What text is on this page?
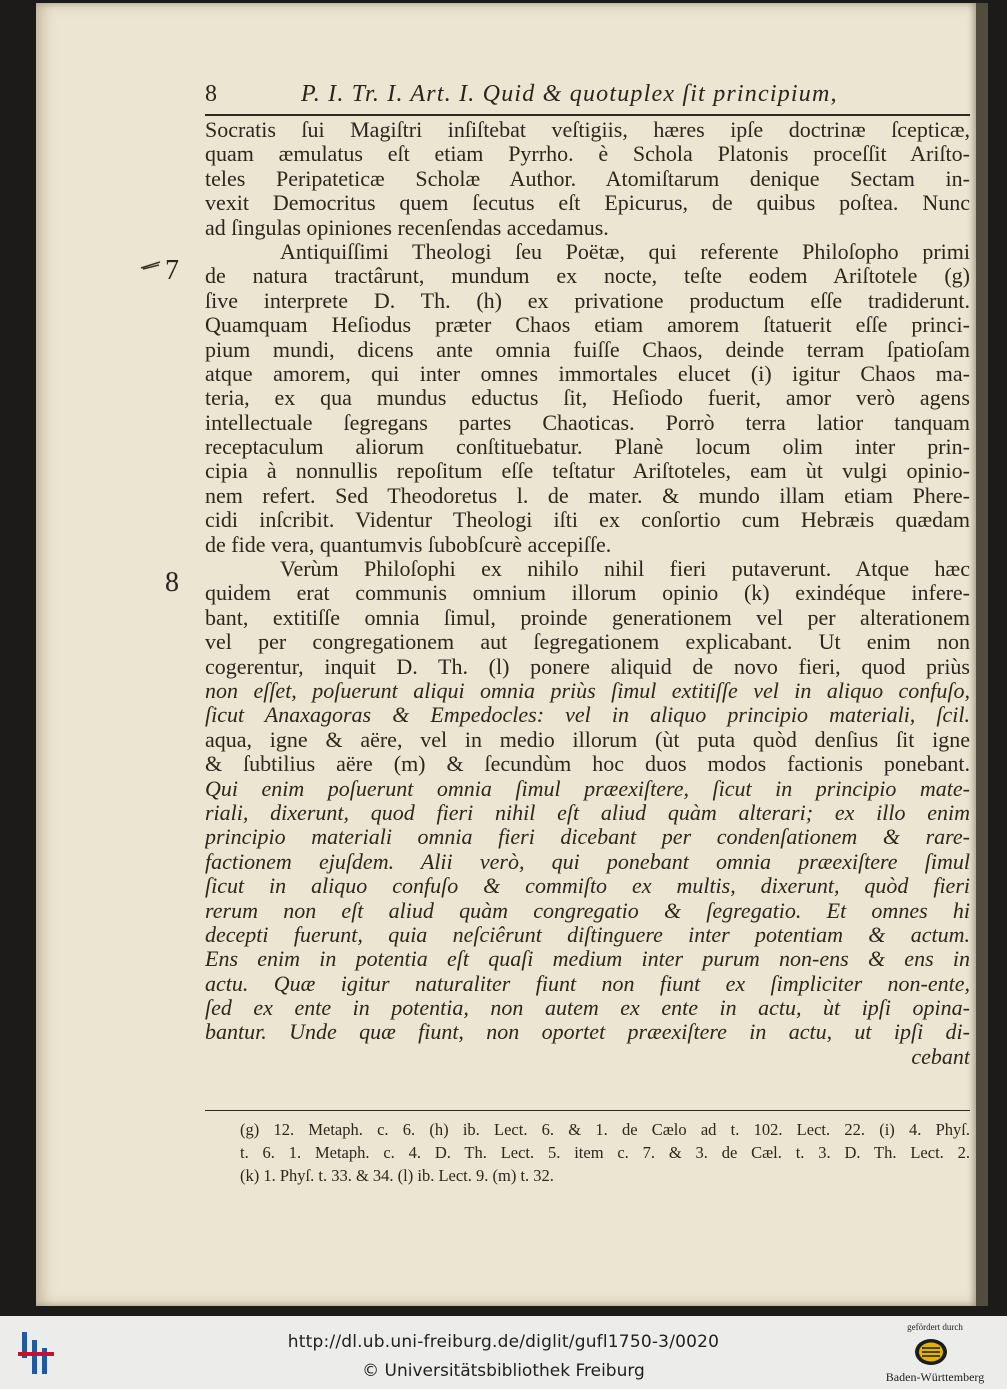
8	P. I. Tr. I. Art. I. Quid & quotuplex ſit principium,
7
8
Socratis ſui Magiſtri inſiſtebat veſtigiis, hæres ipſe doctrinæ ſcepticæ,
quam æmulatus eſt etiam Pyrrho. è Schola Platonis proceſſit Ariſto-
teles Peripateticæ Scholæ Author. Atomiſtarum denique Sectam in-
vexit Democritus quem ſecutus eſt Epicurus, de quibus poſtea. Nunc
ad ſingulas opiniones recenſendas accedamus.
Antiquiſſimi Theologi ſeu Poëtæ, qui referente Philoſopho primi
de natura tractârunt, mundum ex nocte, teſte eodem Ariſtotele (g)
ſive interprete D. Th. (h) ex privatione productum eſſe tradiderunt.
Quamquam Heſiodus præter Chaos etiam amorem ſtatuerit eſſe princi-
pium mundi, dicens ante omnia fuiſſe Chaos, deinde terram ſpatioſam
atque amorem, qui inter omnes immortales elucet (i) igitur Chaos ma-
teria, ex qua mundus eductus ſit, Heſiodo fuerit, amor verò agens
intellectuale ſegregans partes Chaoticas. Porrò terra latior tanquam
receptaculum aliorum conſtituebatur. Planè locum olim inter prin-
cipia à nonnullis repoſitum eſſe teſtatur Ariſtoteles, eam ùt vulgi opinio-
nem refert. Sed Theodoretus l. de mater. & mundo illam etiam Phere-
cidi inſcribit. Videntur Theologi iſti ex conſortio cum Hebræis quædam
de fide vera, quantumvis ſubobſcurè accepiſſe.
Verùm Philoſophi ex nihilo nihil fieri putaverunt. Atque hæc
quidem erat communis omnium illorum opinio (k) exindéque infere-
bant, extitiſſe omnia ſimul, proinde generationem vel per alterationem
vel per congregationem aut ſegregationem explicabant. Ut enim non
cogerentur, inquit D. Th. (l) ponere aliquid de novo fieri, quod priùs
non eſſet, poſuerunt aliqui omnia priùs ſimul extitiſſe vel in aliquo confuſo,
ſicut Anaxagoras & Empedocles: vel in aliquo principio materiali, ſcil.
aqua, igne & aëre, vel in medio illorum (ùt puta quòd denſius ſit igne
& ſubtilius aëre (m) & ſecundùm hoc duos modos factionis ponebant.
Qui enim poſuerunt omnia ſimul præexiſtere, ſicut in principio mate-
riali, dixerunt, quod fieri nihil eſt aliud quàm alterari; ex illo enim
principio materiali omnia fieri dicebant per condenſationem & rare-
factionem ejuſdem. Alii verò, qui ponebant omnia præexiſtere ſimul
ſicut in aliquo confuſo & commiſto ex multis, dixerunt, quòd fieri
rerum non eſt aliud quàm congregatio & ſegregatio. Et omnes hi
decepti fuerunt, quia neſciêrunt diſtinguere inter potentiam & actum.
Ens enim in potentia eſt quaſi medium inter purum non-ens & ens in
actu. Quæ igitur naturaliter fiunt non fiunt ex ſimpliciter non-ente,
ſed ex ente in potentia, non autem ex ente in actu, ùt ipſi opina-
bantur. Unde quæ fiunt, non oportet præexiſtere in actu, ut ipſi di-
cebant
(g) 12. Metaph. c. 6. (h) ib. Lect. 6. & 1. de Cælo ad t. 102. Lect. 22. (i) 4. Phyſ.
t. 6. 1. Metaph. c. 4. D. Th. Lect. 5. item c. 7. & 3. de Cæl. t. 3. D. Th. Lect. 2.
(k) 1. Phyſ. t. 33. & 34. (l) ib. Lect. 9. (m) t. 32.
http://dl.ub.uni-freiburg.de/diglit/gufl1750-3/0020
© Universitätsbibliothek Freiburg
gefördert durch
Baden-Württemberg
